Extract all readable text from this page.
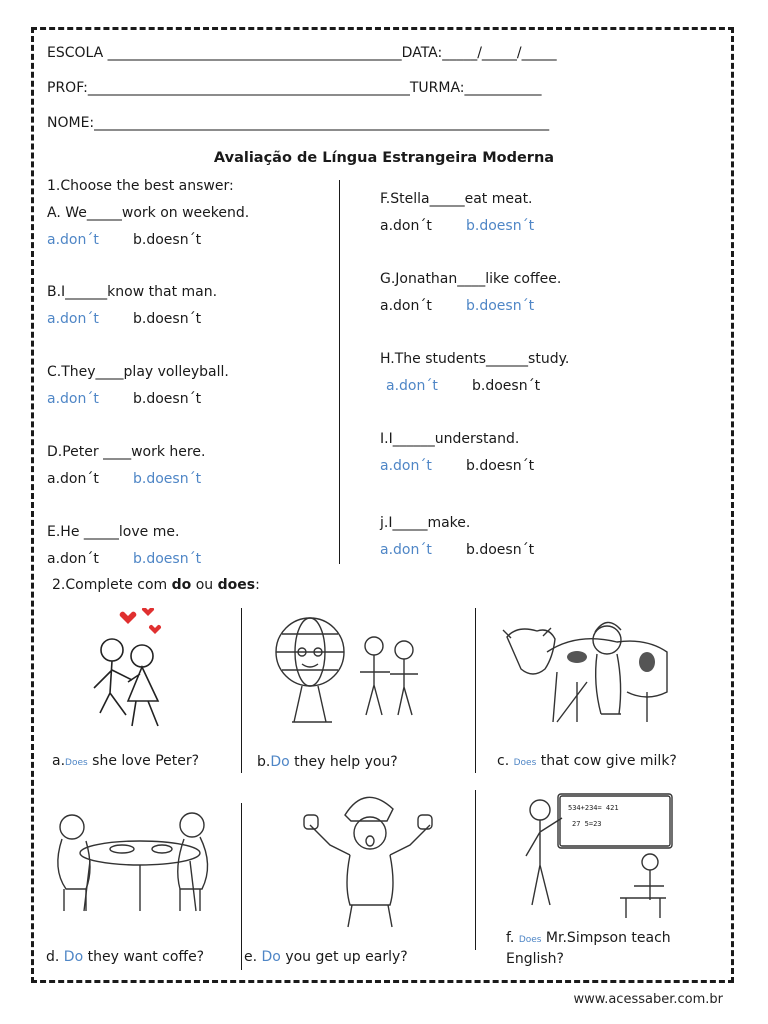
ESCOLA __________________________________________DATA:_____/_____/_____
PROF:______________________________________________TURMA:___________
NOME:_________________________________________________________________
Avaliação de Língua Estrangeira Moderna
1.Choose the best answer:
A. We_____work on weekend.
a.don´t b.doesn´t
B.I______know that man.
a.don´t b.doesn´t
C.They____play volleyball.
a.don´t b.doesn´t
D.Peter ____work here.
a.don´t b.doesn´t
E.He _____love me.
a.don´t b.doesn´t
F.Stella_____eat meat.
a.don´t b.doesn´t
G.Jonathan____like coffee.
a.don´t b.doesn´t
H.The students______study.
a.don´t b.doesn´t
I.I______understand.
a.don´t b.doesn´t
j.I_____make.
a.don´t b.doesn´t
2.Complete com do ou does:
534+234= 421
27 5=23
a.Does she love Peter?	b.Do they help you?	c. Does that cow give milk?
d. Do they want coffe?	e. Do you get up early?
f. Does Mr.Simpson teach
English?
www.acessaber.com.br
